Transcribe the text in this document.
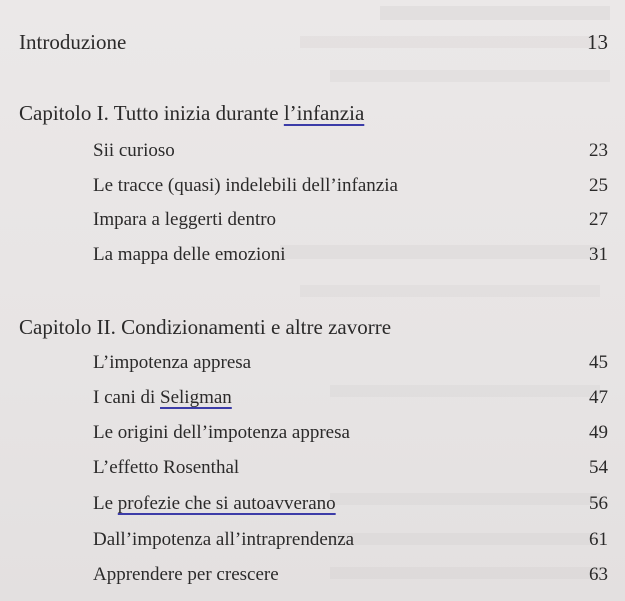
Introduzione	13
Capitolo I. Tutto inizia durante l’infanzia
Sii curioso	23
Le tracce (quasi) indelebili dell’infanzia	25
Impara a leggerti dentro	27
La mappa delle emozioni	31
Capitolo II. Condizionamenti e altre zavorre
L’impotenza appresa	45
I cani di Seligman	47
Le origini dell’impotenza appresa	49
L’effetto Rosenthal	54
Le profezie che si autoavverano	56
Dall’impotenza all’intraprendenza	61
Apprendere per crescere	63
